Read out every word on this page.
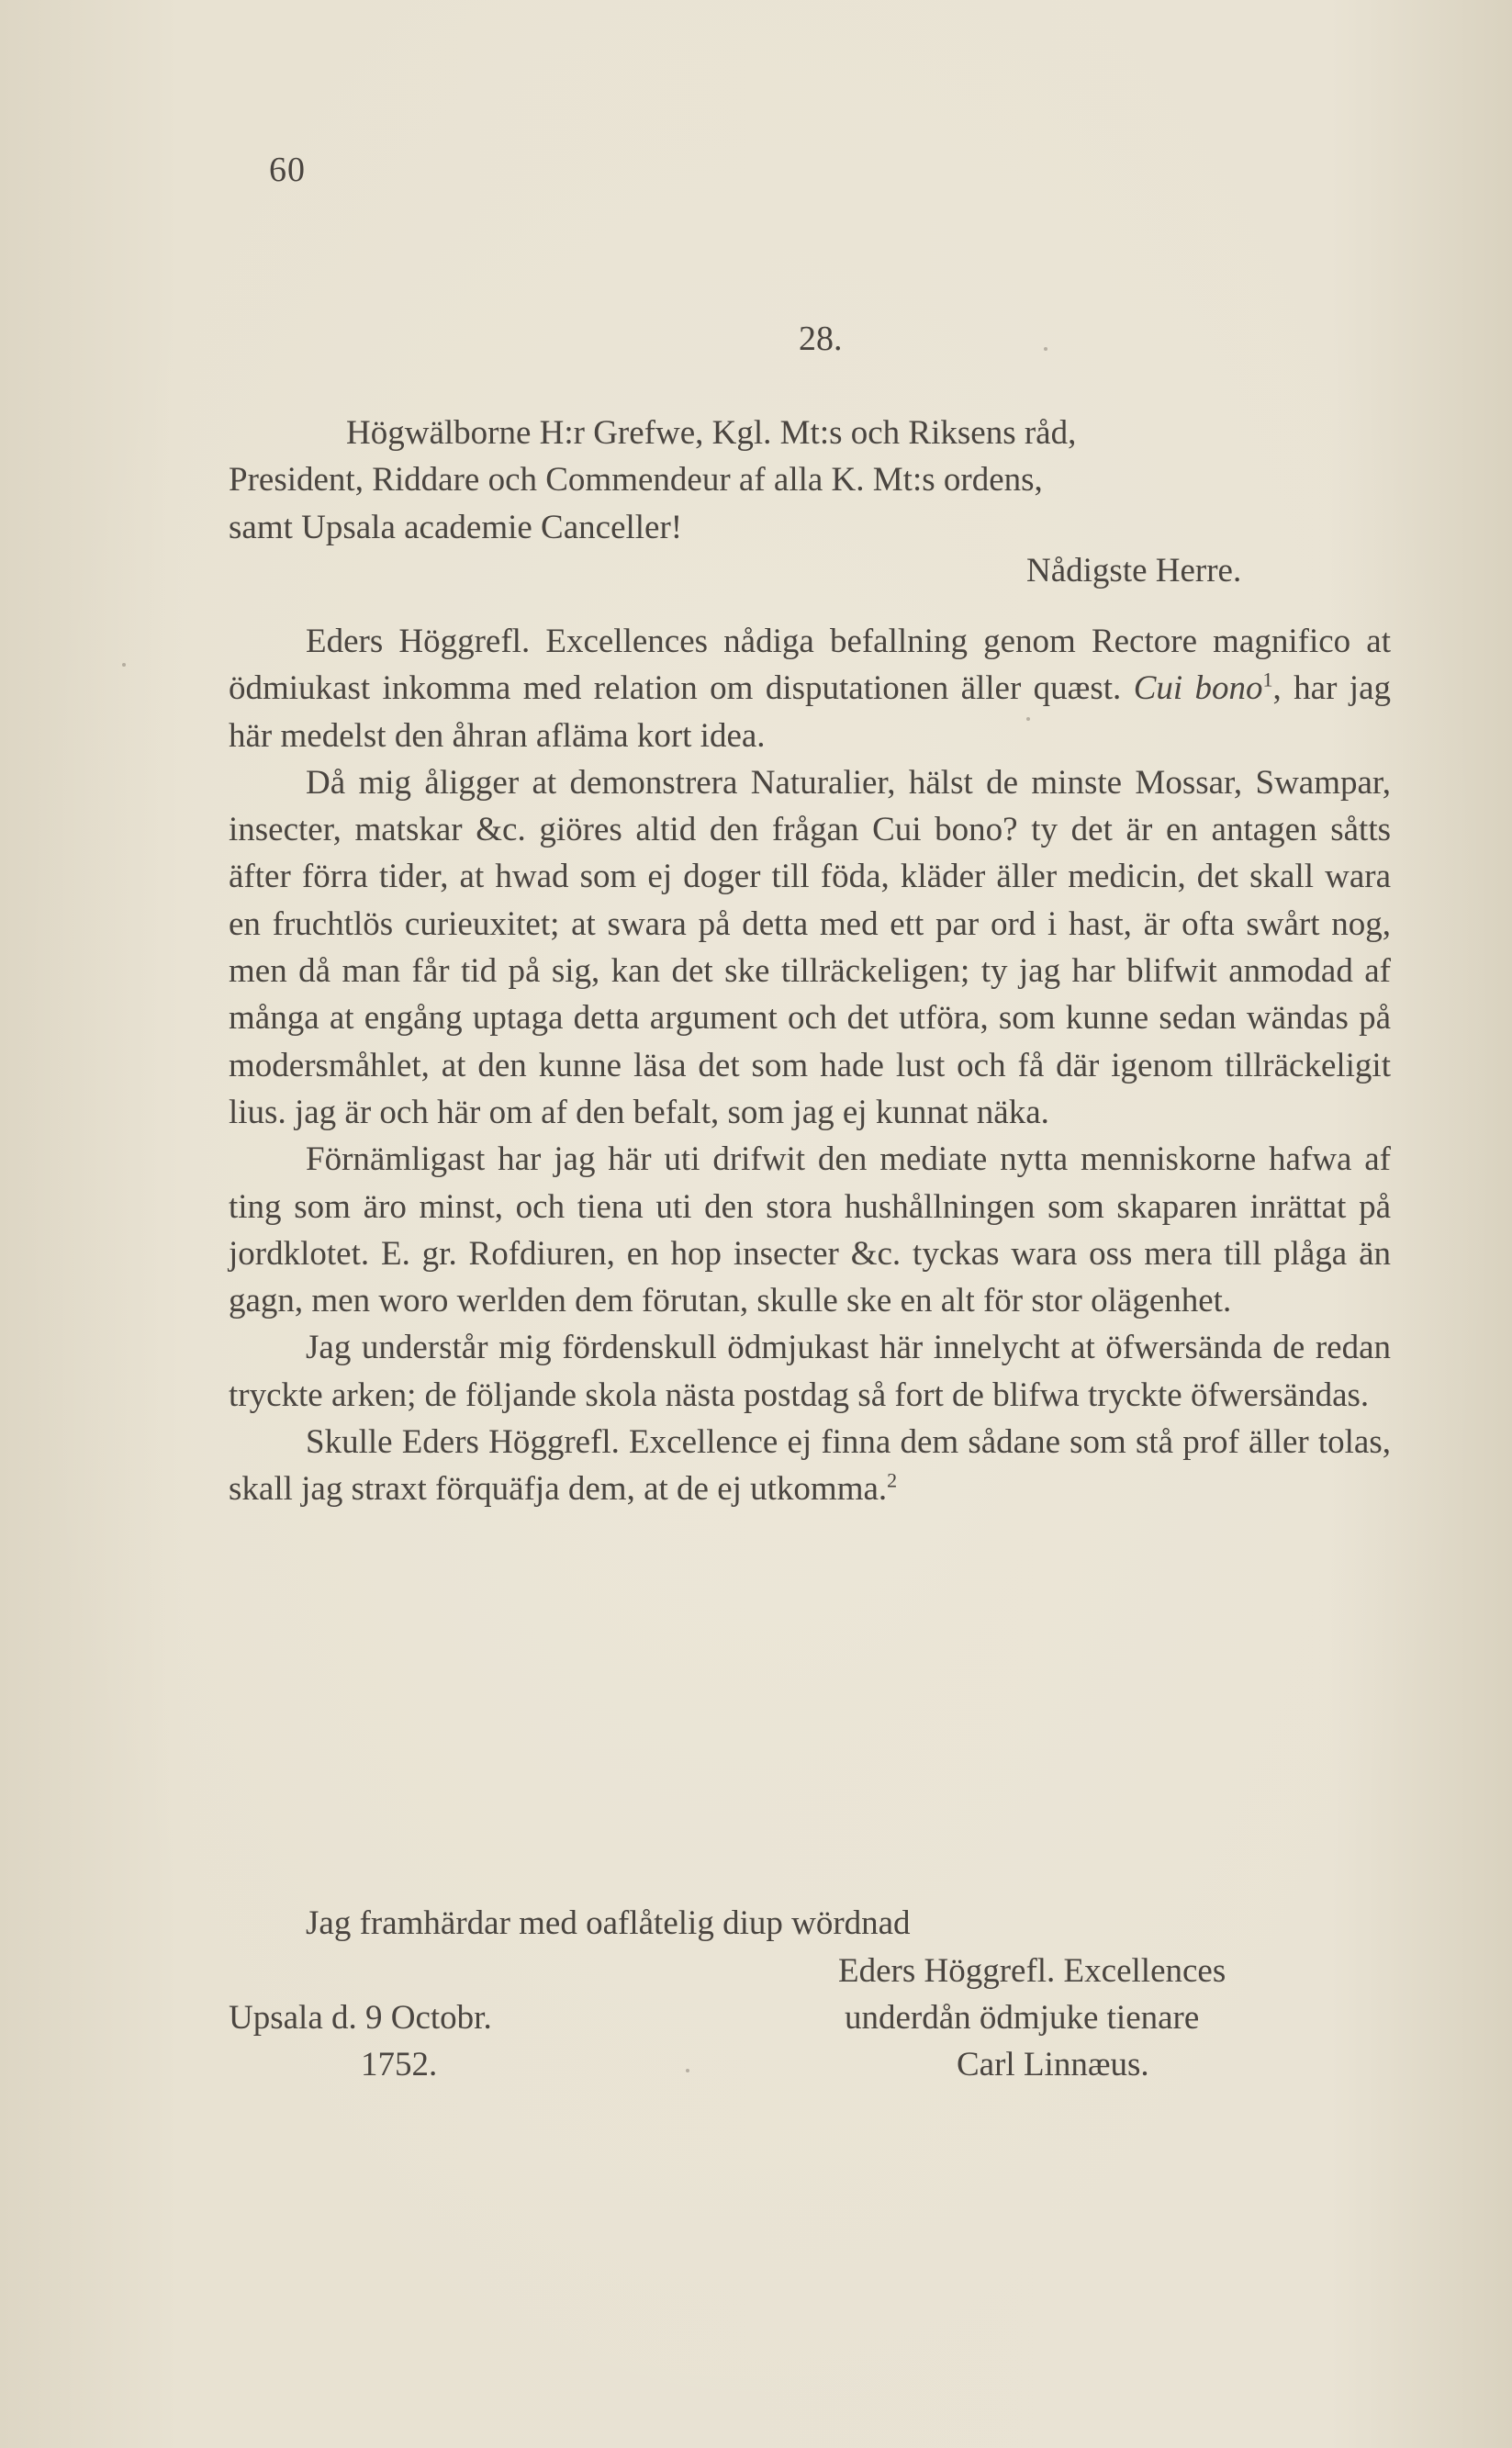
60
28.
Högwälborne H:r Grefwe, Kgl. Mt:s och Riksens råd,
President, Riddare och Commendeur af alla K. Mt:s ordens,
samt Upsala academie Canceller!
Nådigste Herre.

Eders Höggrefl. Excellences nådiga befallning genom Rectore magnifico at ödmiukast inkomma med relation om disputationen äller quæst. Cui bono$^1$, har jag här medelst den åhran afläma kort idea.

Då mig åligger at demonstrera Naturalier, hälst de minste Mossar, Swampar, insecter, matskar &c. giöres altid den frågan Cui bono? ty det är en antagen såtts äfter förra tider, at hwad som ej doger till föda, kläder äller medicin, det skall wara en fruchtlös curieuxitet; at swara på detta med ett par ord i hast, är ofta swårt nog, men då man får tid på sig, kan det ske tillräckeligen; ty jag har blifwit anmodad af många at engång uptaga detta argument och det utföra, som kunne sedan wändas på modersmåhlet, at den kunne läsa det som hade lust och få där igenom tillräckeligit lius. jag är och här om af den befalt, som jag ej kunnat näka.

Förnämligast har jag här uti drifwit den mediate nytta menniskorne hafwa af ting som äro minst, och tiena uti den stora hushållningen som skaparen inrättat på jordklotet. E. gr. Rofdiuren, en hop insecter &c. tyckas wara oss mera till plåga än gagn, men woro werlden dem förutan, skulle ske en alt för stor olägenhet.

Jag understår mig fördenskull ödmjukast här innelycht at öfwersända de redan tryckte arken; de följande skola nästa postdag så fort de blifwa tryckte öfwersändas.

Skulle Eders Höggrefl. Excellence ej finna dem sådane som stå prof äller tolas, skall jag straxt förquäfja dem, at de ej utkomma.$^2$

Jag framhärdar med oaflåtelig diup wördnad
Eders Höggrefl. Excellences
Upsala d. 9 Octobr.	underdån ödmjuke tienare
1752.	Carl Linnæus.
